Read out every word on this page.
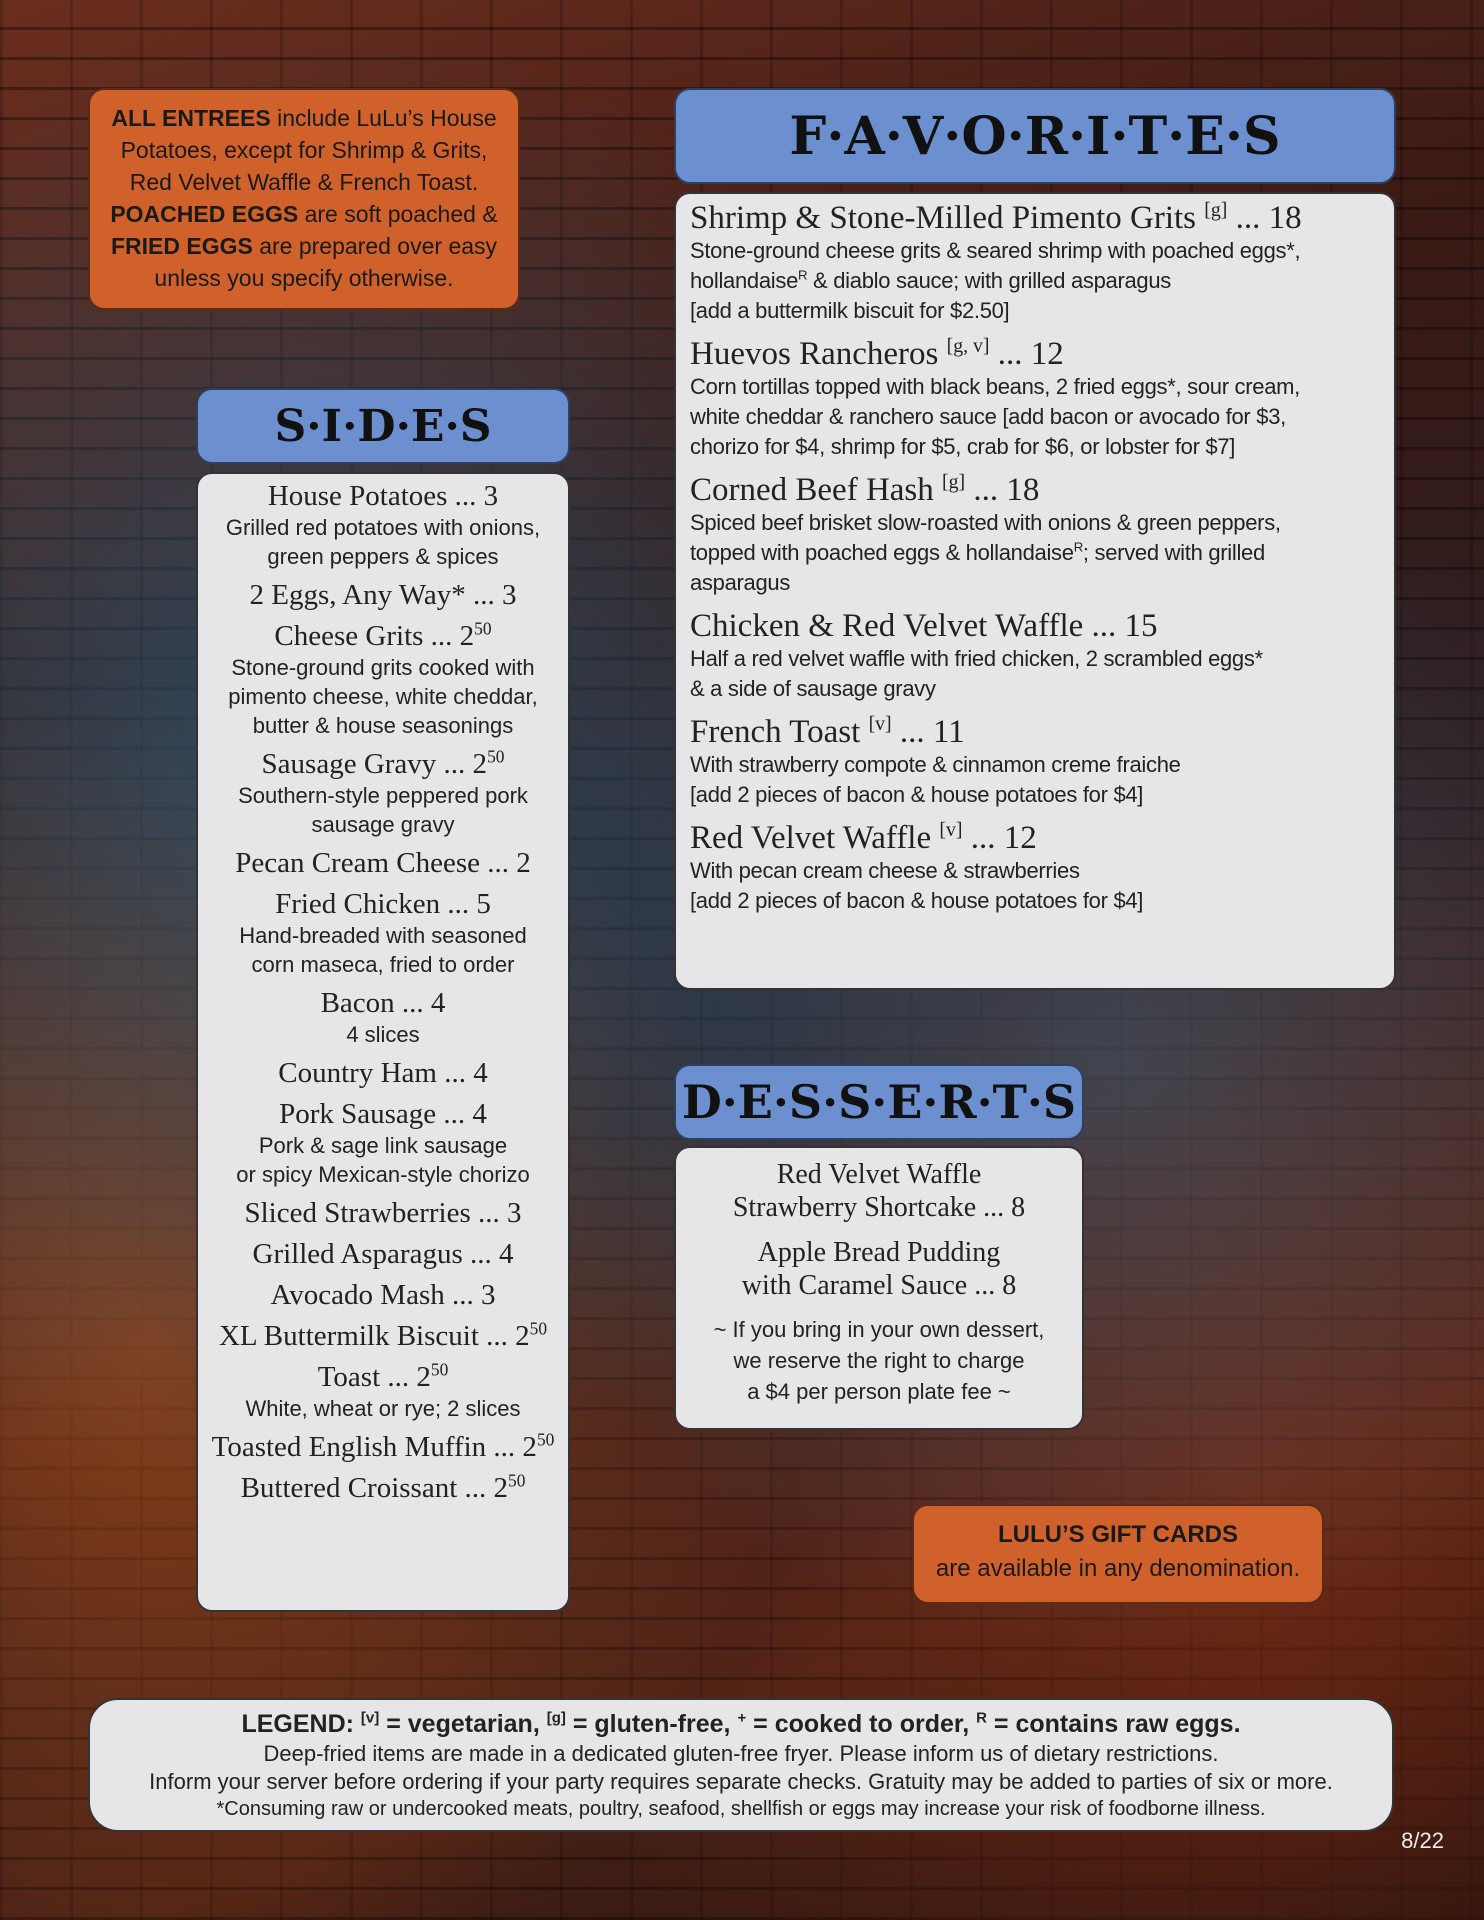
ALL ENTREES include LuLu’s House
Potatoes, except for Shrimp & Grits,
Red Velvet Waffle & French Toast.
POACHED EGGS are soft poached &
FRIED EGGS are prepared over easy
unless you specify otherwise.
S·I·D·E·S
House Potatoes ... 3
Grilled red potatoes with onions,
green peppers & spices
2 Eggs, Any Way* ... 3
Cheese Grits ... $2^{50}$
Stone-ground grits cooked with
pimento cheese, white cheddar,
butter & house seasonings
Sausage Gravy ... $2^{50}$
Southern-style peppered pork
sausage gravy
Pecan Cream Cheese ... 2
Fried Chicken ... 5
Hand-breaded with seasoned
corn maseca, fried to order
Bacon ... 4
4 slices
Country Ham ... 4
Pork Sausage ... 4
Pork & sage link sausage
or spicy Mexican-style chorizo
Sliced Strawberries ... 3
Grilled Asparagus ... 4
Avocado Mash ... 3
XL Buttermilk Biscuit ... $2^{50}$
Toast ... $2^{50}$
White, wheat or rye; 2 slices
Toasted English Muffin ... $2^{50}$
Buttered Croissant ... $2^{50}$
F·A·V·O·R·I·T·E·S
Shrimp & Stone-Milled Pimento Grits [g] ... 18
Stone-ground cheese grits & seared shrimp with poached eggs*,
hollandaise$^R$ & diablo sauce; with grilled asparagus
[add a buttermilk biscuit for $2.50]
Huevos Rancheros [g, v] ... 12
Corn tortillas topped with black beans, 2 fried eggs*, sour cream,
white cheddar & ranchero sauce [add bacon or avocado for $3,
chorizo for $4, shrimp for $5, crab for $6, or lobster for $7]
Corned Beef Hash [g] ... 18
Spiced beef brisket slow-roasted with onions & green peppers,
topped with poached eggs & hollandaise$^R$; served with grilled
asparagus
Chicken & Red Velvet Waffle ... 15
Half a red velvet waffle with fried chicken, 2 scrambled eggs*
& a side of sausage gravy
French Toast [v] ... 11
With strawberry compote & cinnamon creme fraiche
[add 2 pieces of bacon & house potatoes for $4]
Red Velvet Waffle [v] ... 12
With pecan cream cheese & strawberries
[add 2 pieces of bacon & house potatoes for $4]
D·E·S·S·E·R·T·S
Red Velvet Waffle
Strawberry Shortcake ... 8
Apple Bread Pudding
with Caramel Sauce ... 8
~ If you bring in your own dessert,
we reserve the right to charge
a $4 per person plate fee ~
LULU’S GIFT CARDS
are available in any denomination.
LEGEND: [v] = vegetarian, [g] = gluten-free, + = cooked to order, $^R$ = contains raw eggs.
Deep-fried items are made in a dedicated gluten-free fryer. Please inform us of dietary restrictions.
Inform your server before ordering if your party requires separate checks. Gratuity may be added to parties of six or more.
*Consuming raw or undercooked meats, poultry, seafood, shellfish or eggs may increase your risk of foodborne illness.
8/22
